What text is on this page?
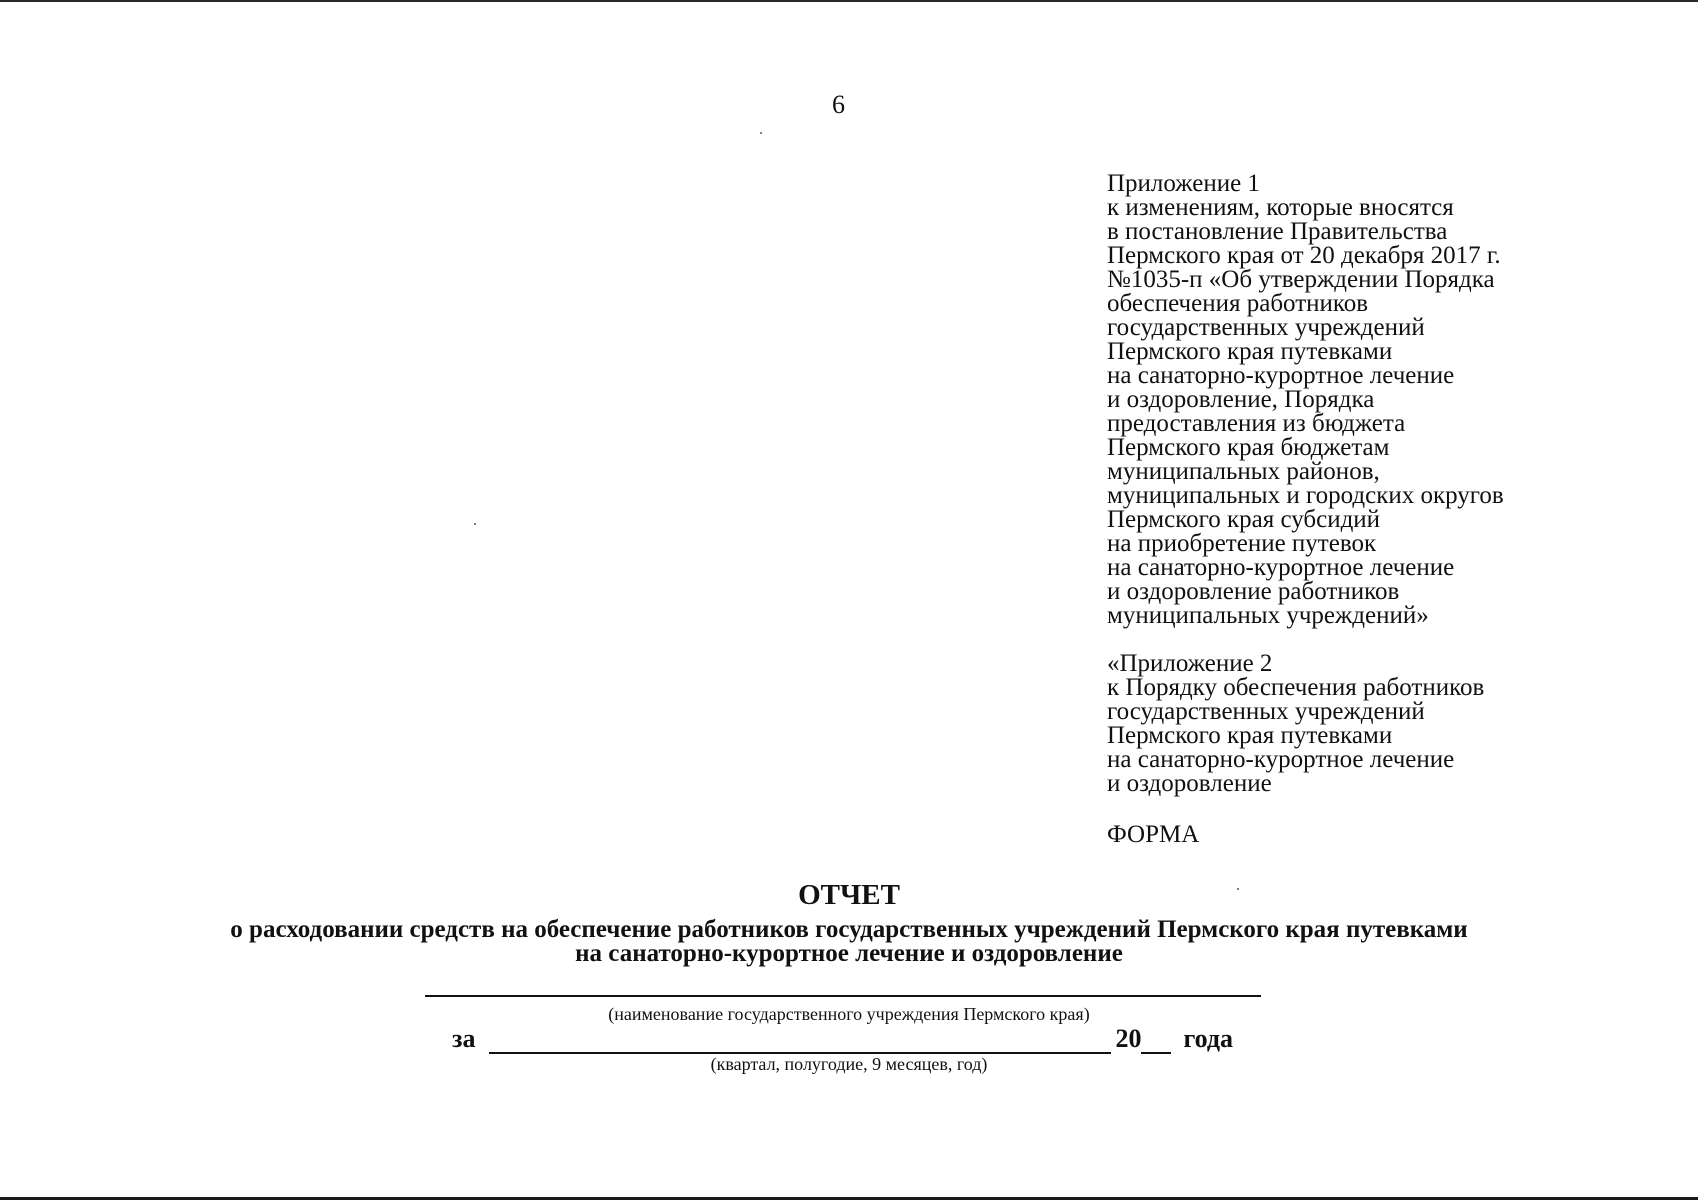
6
Приложение 1
к изменениям, которые вносятся
в постановление Правительства
Пермского края от 20 декабря 2017 г.
№1035-п «Об утверждении Порядка
обеспечения работников
государственных учреждений
Пермского края путевками
на санаторно-курортное лечение
и оздоровление, Порядка
предоставления из бюджета
Пермского края бюджетам
муниципальных районов,
муниципальных и городских округов
Пермского края субсидий
на приобретение путевок
на санаторно-курортное лечение
и оздоровление работников
муниципальных учреждений»
«Приложение 2
к Порядку обеспечения работников
государственных учреждений
Пермского края путевками
на санаторно-курортное лечение
и оздоровление
ФОРМА
ОТЧЕТ
о расходовании средств на обеспечение работников государственных учреждений Пермского края путевками
на санаторно-курортное лечение и оздоровление
(наименование государственного учреждения Пермского края)
за	20 года
(квартал, полугодие, 9 месяцев, год)
